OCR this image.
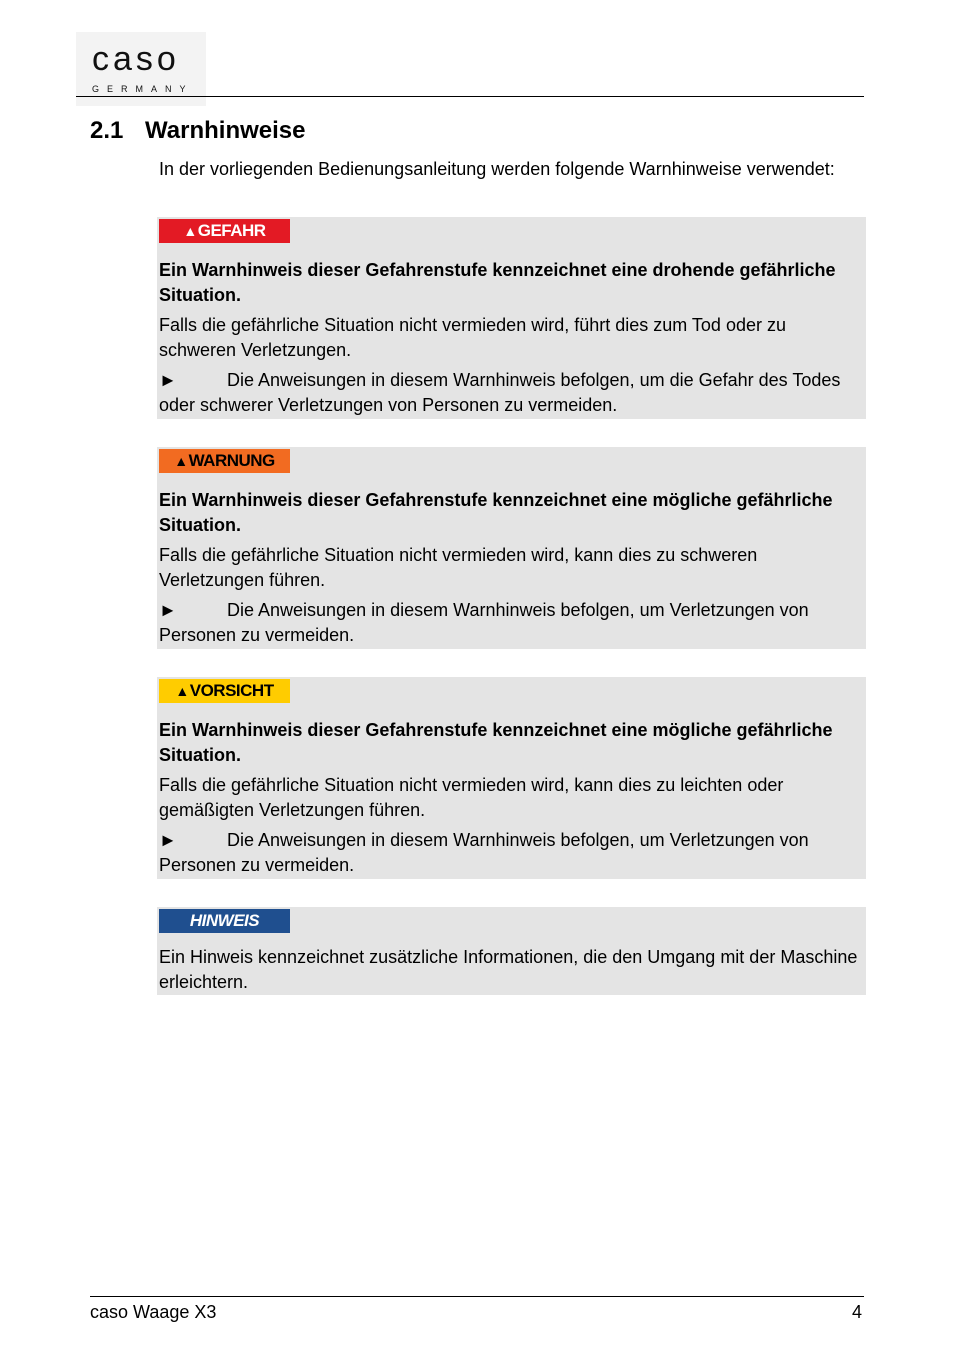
caso
GERMANY
2.1 Warnhinweise
In der vorliegenden Bedienungsanleitung werden folgende Warnhinweise verwendet:
▲GEFAHR

Ein Warnhinweis dieser Gefahrenstufe kennzeichnet eine drohende gefährliche Situation.

Falls die gefährliche Situation nicht vermieden wird, führt dies zum Tod oder zu schweren Verletzungen.

►	Die Anweisungen in diesem Warnhinweis befolgen, um die Gefahr des Todes oder schwerer Verletzungen von Personen zu vermeiden.

▲WARNUNG

Ein Warnhinweis dieser Gefahrenstufe kennzeichnet eine mögliche gefährliche Situation.

Falls die gefährliche Situation nicht vermieden wird, kann dies zu schweren Verletzungen führen.

►	Die Anweisungen in diesem Warnhinweis befolgen, um Verletzungen von Personen zu vermeiden.

▲VORSICHT

Ein Warnhinweis dieser Gefahrenstufe kennzeichnet eine mögliche gefährliche Situation.

Falls die gefährliche Situation nicht vermieden wird, kann dies zu leichten oder gemäßigten Verletzungen führen.

►	Die Anweisungen in diesem Warnhinweis befolgen, um Verletzungen von Personen zu vermeiden.

HINWEIS

Ein Hinweis kennzeichnet zusätzliche Informationen, die den Umgang mit der Maschine erleichtern.

caso Waage X3	4
